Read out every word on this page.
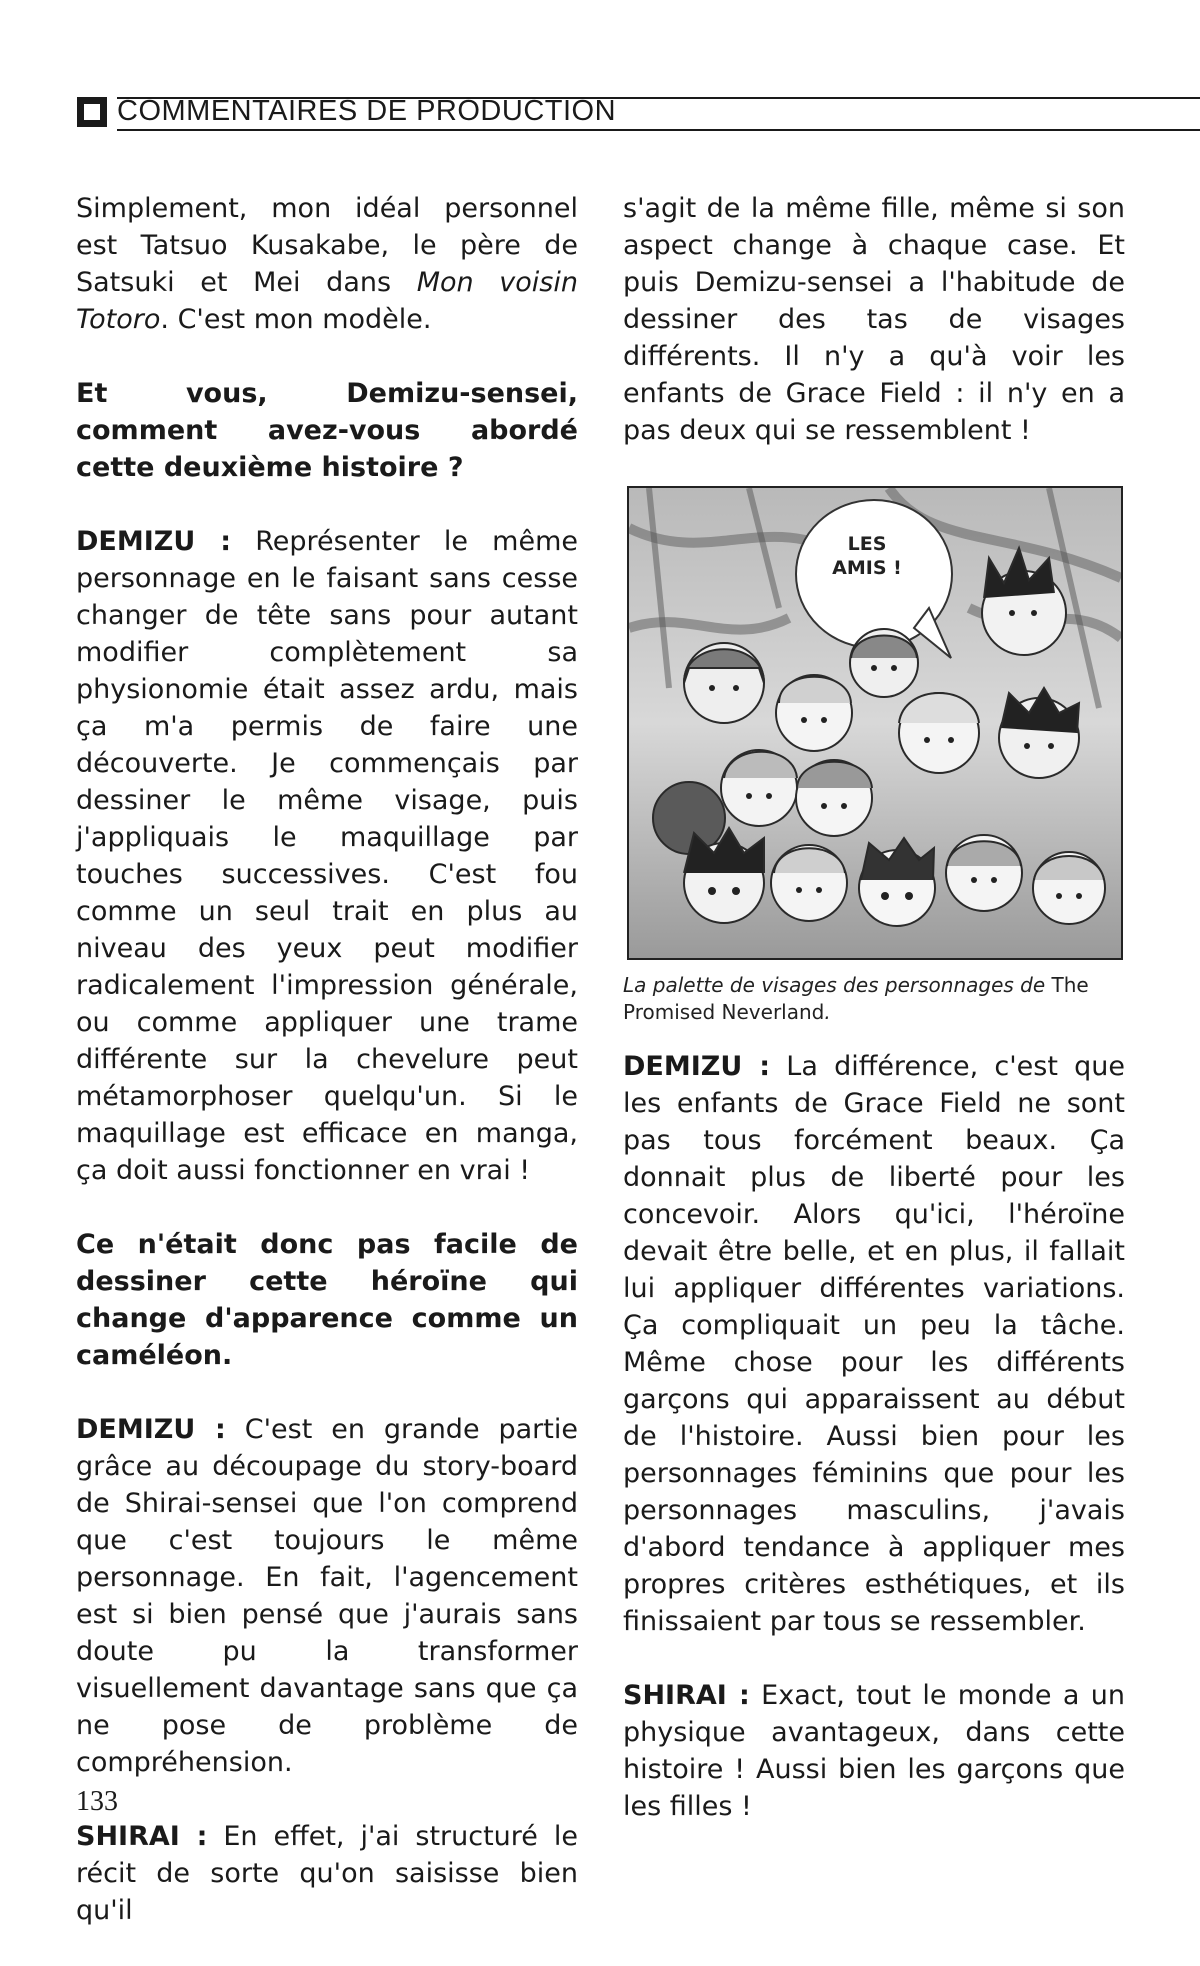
COMMENTAIRES DE PRODUCTION

Simplement, mon idéal personnel est Tatsuo Kusakabe, le père de Satsuki et Mei dans Mon voisin Totoro. C'est mon modèle.

Et vous, Demizu-sensei, comment avez-vous abordé cette deuxième histoire ?

DEMIZU : Représenter le même personnage en le faisant sans cesse changer de tête sans pour autant modifier complètement sa physionomie était assez ardu, mais ça m'a permis de faire une découverte. Je commençais par dessiner le même visage, puis j'appliquais le maquillage par touches successives. C'est fou comme un seul trait en plus au niveau des yeux peut modifier radicalement l'impression générale, ou comme appliquer une trame différente sur la chevelure peut métamorphoser quelqu'un. Si le maquillage est efficace en manga, ça doit aussi fonctionner en vrai !

Ce n'était donc pas facile de dessiner cette héroïne qui change d'apparence comme un caméléon.

DEMIZU : C'est en grande partie grâce au découpage du story-board de Shirai-sensei que l'on comprend que c'est toujours le même personnage. En fait, l'agencement est si bien pensé que j'aurais sans doute pu la transformer visuellement davantage sans que ça ne pose de problème de compréhension.

SHIRAI : En effet, j'ai structuré le récit de sorte qu'on saisisse bien qu'il

s'agit de la même fille, même si son aspect change à chaque case. Et puis Demizu-sensei a l'habitude de dessiner des tas de visages différents. Il n'y a qu'à voir les enfants de Grace Field : il n'y en a pas deux qui se ressemblent !

LES
AMIS !
La palette de visages des personnages de The Promised Neverland.

DEMIZU : La différence, c'est que les enfants de Grace Field ne sont pas tous forcément beaux. Ça donnait plus de liberté pour les concevoir. Alors qu'ici, l'héroïne devait être belle, et en plus, il fallait lui appliquer différentes variations. Ça compliquait un peu la tâche. Même chose pour les différents garçons qui apparaissent au début de l'histoire. Aussi bien pour les personnages féminins que pour les personnages masculins, j'avais d'abord tendance à appliquer mes propres critères esthétiques, et ils finissaient par tous se ressembler.

SHIRAI : Exact, tout le monde a un physique avantageux, dans cette histoire ! Aussi bien les garçons que les filles !

133
